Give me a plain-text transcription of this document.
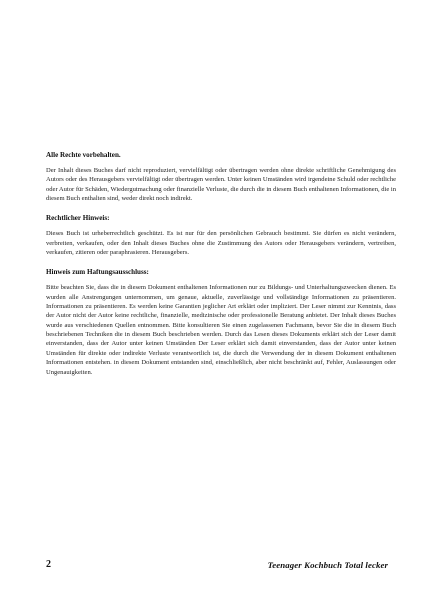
Alle Rechte vorbehalten.

Der Inhalt dieses Buches darf nicht reproduziert, vervielfältigt oder übertragen werden ohne direkte schriftliche Genehmigung des Autors oder des Herausgebers vervielfältigt oder übertragen werden. Unter keinen Umständen wird irgendeine Schuld oder rechtliche oder Autor für Schäden, Wiedergutmachung oder finanzielle Verluste, die durch die in diesem Buch enthaltenen Informationen, die in diesem Buch enthalten sind, weder direkt noch indirekt.

Rechtlicher Hinweis:

Dieses Buch ist urheberrechtlich geschützt. Es ist nur für den persönlichen Gebrauch bestimmt. Sie dürfen es nicht verändern, verbreiten, verkaufen, oder den Inhalt dieses Buches ohne die Zustimmung des Autors oder Herausgebers verändern, vertreiben, verkaufen, zitieren oder paraphrasieren. Herausgebers.

Hinweis zum Haftungsausschluss:

Bitte beachten Sie, dass die in diesem Dokument enthaltenen Informationen nur zu Bildungs- und Unterhaltungszwecken dienen. Es wurden alle Anstrengungen unternommen, um genaue, aktuelle, zuverlässige und vollständige Informationen zu präsentieren. Informationen zu präsentieren. Es werden keine Garantien jeglicher Art erklärt oder impliziert. Der Leser nimmt zur Kenntnis, dass der Autor nicht der Autor keine rechtliche, finanzielle, medizinische oder professionelle Beratung anbietet. Der Inhalt dieses Buches wurde aus verschiedenen Quellen entnommen. Bitte konsultieren Sie einen zugelassenen Fachmann, bevor Sie die in diesem Buch beschriebenen Techniken die in diesem Buch beschrieben werden. Durch das Lesen dieses Dokuments erklärt sich der Leser damit einverstanden, dass der Autor unter keinen Umständen Der Leser erklärt sich damit einverstanden, dass der Autor unter keinen Umständen für direkte oder indirekte Verluste verantwortlich ist, die durch die Verwendung der in diesem Dokument enthaltenen Informationen entstehen. in diesem Dokument entstanden sind, einschließlich, aber nicht beschränkt auf, Fehler, Auslassungen oder Ungenauigkeiten.

2	Teenager Kochbuch Total lecker
